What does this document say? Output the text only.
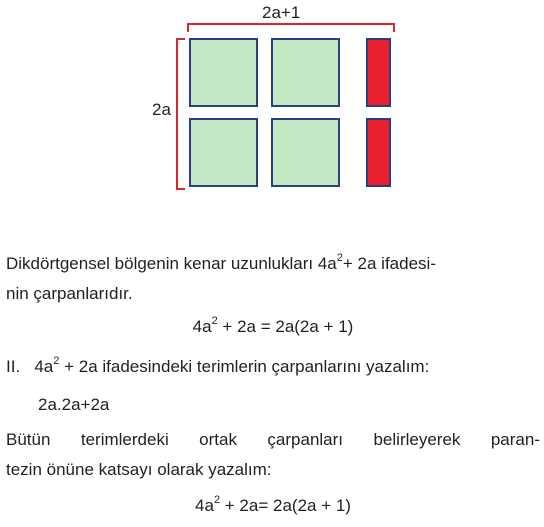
2a+1
2a
Dikdörtgensel bölgenin kenar uzunlukları $4a^2+ 2a$ ifadesi-
nin çarpanlarıdır.
$4a^2 + 2a = 2a(2a + 1)$
II. $4a^2 + 2a$ ifadesindeki terimlerin çarpanlarını yazalım:
2a.2a+2a
Bütün terimlerdeki ortak çarpanları belirleyerek paran-
tezin önüne katsayı olarak yazalım:
$4a^2 + 2a= 2a(2a + 1)$
